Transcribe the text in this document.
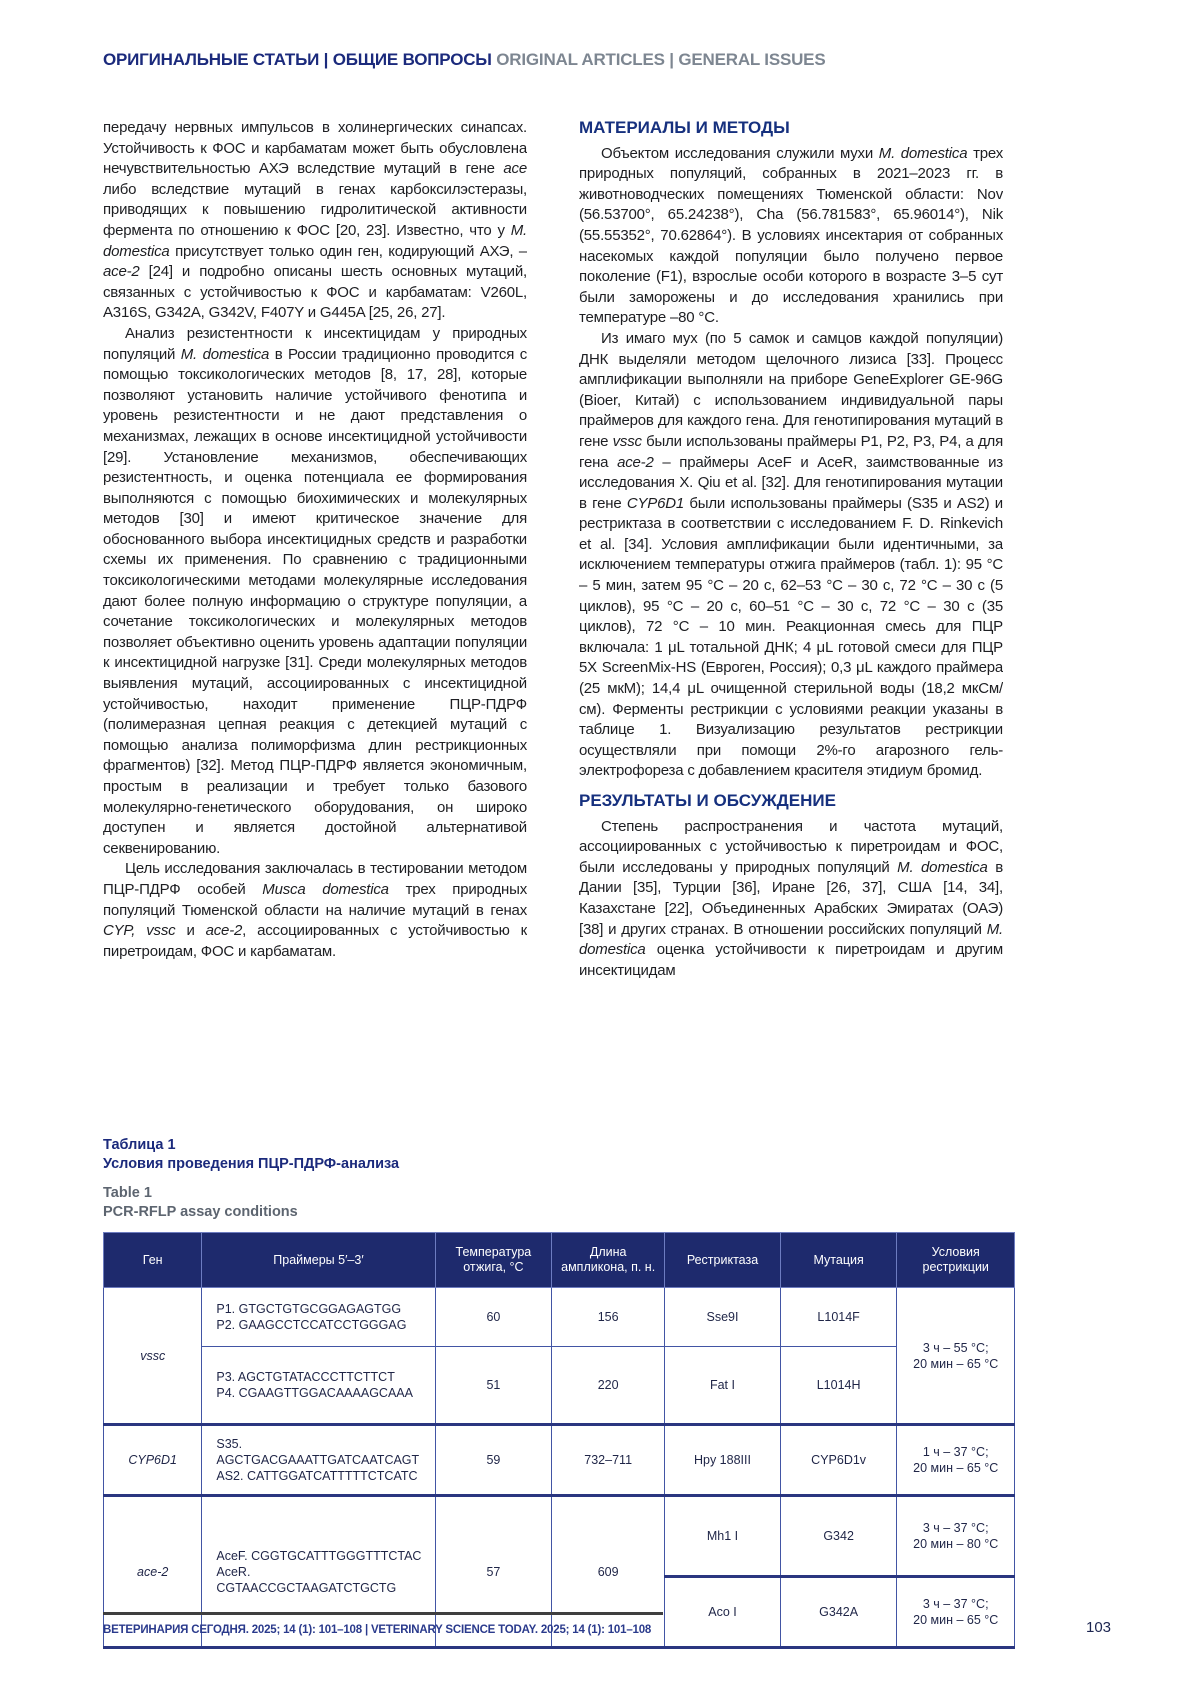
ОРИГИНАЛЬНЫЕ СТАТЬИ | ОБЩИЕ ВОПРОСЫ ORIGINAL ARTICLES | GENERAL ISSUES

передачу нервных импульсов в холинергических синапсах. Устойчивость к ФОС и карбаматам может быть обусловлена нечувствительностью АХЭ вследствие мутаций в гене ace либо вследствие мутаций в генах карбоксилэстеразы, приводящих к повышению гидролитической активности фермента по отношению к ФОС [20, 23]. Известно, что у M. domestica присутствует только один ген, кодирующий АХЭ, – ace-2 [24] и подробно описаны шесть основных мутаций, связанных с устойчивостью к ФОС и карбаматам: V260L, A316S, G342A, G342V, F407Y и G445A [25, 26, 27].

Анализ резистентности к инсектицидам у природных популяций M. domestica в России традиционно проводится с помощью токсикологических методов [8, 17, 28], которые позволяют установить наличие устойчивого фенотипа и уровень резистентности и не дают представления о механизмах, лежащих в основе инсектицидной устойчивости [29]. Установление механизмов, обеспечивающих резистентность, и оценка потенциала ее формирования выполняются с помощью биохимических и молекулярных методов [30] и имеют критическое значение для обоснованного выбора инсектицидных средств и разработки схемы их применения. По сравнению с традиционными токсикологическими методами молекулярные исследования дают более полную информацию о структуре популяции, а сочетание токсикологических и молекулярных методов позволяет объективно оценить уровень адаптации популяции к инсектицидной нагрузке [31]. Среди молекулярных методов выявления мутаций, ассоциированных с инсектицидной устойчивостью, находит применение ПЦР-ПДРФ (полимеразная цепная реакция с детекцией мутаций с помощью анализа полиморфизма длин рестрикционных фрагментов) [32]. Метод ПЦР-ПДРФ является экономичным, простым в реализации и требует только базового молекулярно-генетического оборудования, он широко доступен и является достойной альтернативой секвенированию.

Цель исследования заключалась в тестировании методом ПЦР-ПДРФ особей Musca domestica трех природных популяций Тюменской области на наличие мутаций в генах CYP, vssc и ace-2, ассоциированных с устойчивостью к пиретроидам, ФОС и карбаматам.

МАТЕРИАЛЫ И МЕТОДЫ

Объектом исследования служили мухи M. domestica трех природных популяций, собранных в 2021–2023 гг. в животноводческих помещениях Тюменской области: Nov (56.53700°, 65.24238°), Cha (56.781583°, 65.96014°), Nik (55.55352°, 70.62864°). В условиях инсектария от собранных насекомых каждой популяции было получено первое поколение (F1), взрослые особи которого в возрасте 3–5 сут были заморожены и до исследования хранились при температуре –80 °C.

Из имаго мух (по 5 самок и самцов каждой популяции) ДНК выделяли методом щелочного лизиса [33]. Процесс амплификации выполняли на приборе GeneExplorer GE-96G (Bioer, Китай) с использованием индивидуальной пары праймеров для каждого гена. Для генотипирования мутаций в гене vssc были использованы праймеры P1, P2, P3, P4, а для гена ace-2 – праймеры AceF и AceR, заимствованные из исследования X. Qiu et al. [32]. Для генотипирования мутации в гене CYP6D1 были использованы праймеры (S35 и AS2) и рестриктаза в соответствии с исследованием F. D. Rinkevich et al. [34]. Условия амплификации были идентичными, за исключением температуры отжига праймеров (табл. 1): 95 °C – 5 мин, затем 95 °C – 20 с, 62–53 °C – 30 с, 72 °C – 30 с (5 циклов), 95 °C – 20 с, 60–51 °C – 30 с, 72 °C – 30 с (35 циклов), 72 °C – 10 мин. Реакционная смесь для ПЦР включала: 1 μL тотальной ДНК; 4 μL готовой смеси для ПЦР 5X ScreenMix-HS (Евроген, Россия); 0,3 μL каждого праймера (25 мкМ); 14,4 μL очищенной стерильной воды (18,2 мкСм/см). Ферменты рестрикции с условиями реакции указаны в таблице 1. Визуализацию результатов рестрикции осуществляли при помощи 2%-го агарозного гель-электрофореза с добавлением красителя этидиум бромид.

РЕЗУЛЬТАТЫ И ОБСУЖДЕНИЕ

Степень распространения и частота мутаций, ассоциированных с устойчивостью к пиретроидам и ФОС, были исследованы у природных популяций M. domestica в Дании [35], Турции [36], Иране [26, 37], США [14, 34], Казахстане [22], Объединенных Арабских Эмиратах (ОАЭ) [38] и других странах. В отношении российских популяций M. domestica оценка устойчивости к пиретроидам и другим инсектицидам

Таблица 1
Условия проведения ПЦР-ПДРФ-анализа
Table 1
PCR-RFLP assay conditions
Ген	Праймеры 5′–3′	Температура
отжига, °C	Длина
ампликона, п. н.	Рестриктаза	Мутация	Условия
рестрикции
vssc	P1. GTGCTGTGCGGAGAGTGG
P2. GAAGCCTCCATCCTGGGAG	60	156	Sse9I	L1014F	3 ч – 55 °C;
20 мин – 65 °C
	P3. AGCTGTATACCCTTCTTCT
P4. CGAAGTTGGACAAAAGCAAA	51	220	Fat I	L1014H	
CYP6D1	S35. AGCTGACGAAATTGATCAATCAGT
AS2. CATTGGATCATTTTTCTCATC	59	732–711	Hpy 188III	CYP6D1v	1 ч – 37 °C;
20 мин – 65 °C
ace-2	AceF. CGGTGCATTTGGGTTTCTAC
AceR. CGTAACCGCTAAGATCTGCTG	57	609	Mh1 I	G342	3 ч – 37 °C;
20 мин – 80 °C
				Aco I	G342A	3 ч – 37 °C;
20 мин – 65 °C
ВЕТЕРИНАРИЯ СЕГОДНЯ. 2025; 14 (1): 101–108 | VETERINARY SCIENCE TODAY. 2025; 14 (1): 101–108	103
